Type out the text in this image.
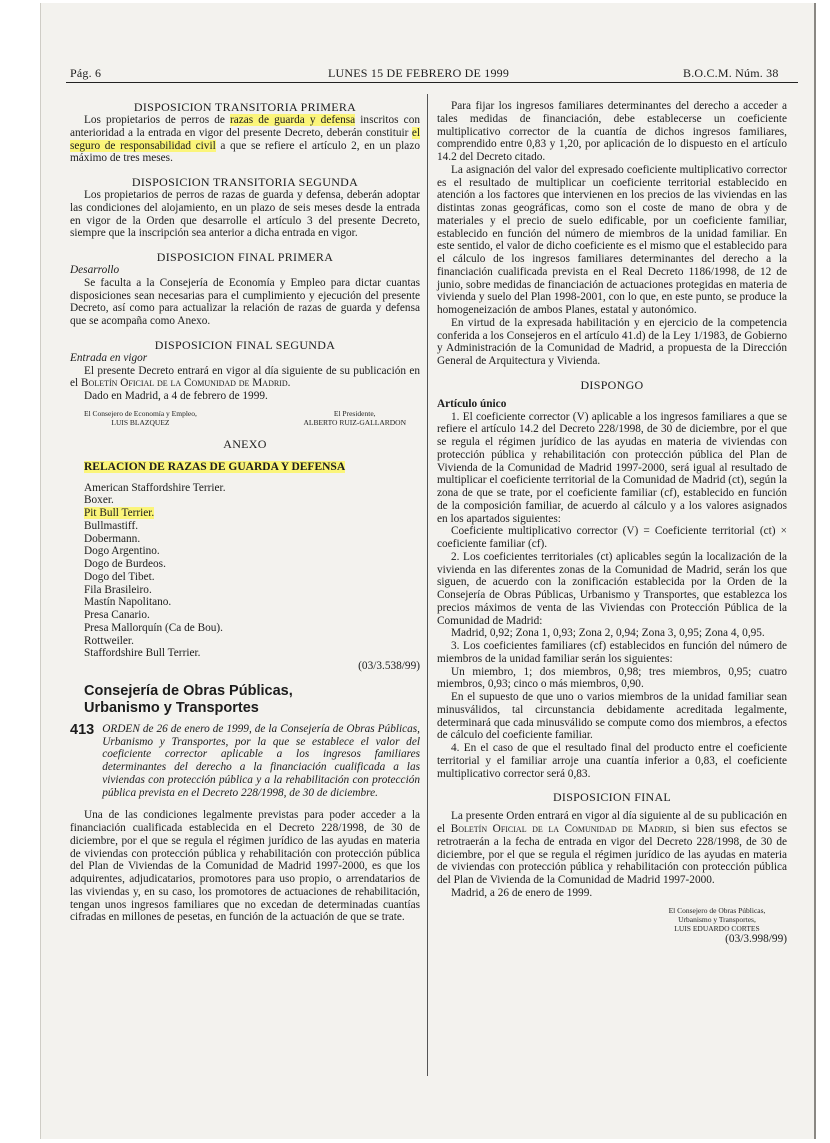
Pág. 6	LUNES 15 DE FEBRERO DE 1999	B.O.C.M. Núm. 38
DISPOSICION TRANSITORIA PRIMERA

Los propietarios de perros de razas de guarda y defensa inscritos con anterioridad a la entrada en vigor del presente Decreto, deberán constituir el seguro de responsabilidad civil a que se refiere el artículo 2, en un plazo máximo de tres meses.

DISPOSICION TRANSITORIA SEGUNDA

Los propietarios de perros de razas de guarda y defensa, deberán adoptar las condiciones del alojamiento, en un plazo de seis meses desde la entrada en vigor de la Orden que desarrolle el artículo 3 del presente Decreto, siempre que la inscripción sea anterior a dicha entrada en vigor.

DISPOSICION FINAL PRIMERA

Desarrollo

Se faculta a la Consejería de Economía y Empleo para dictar cuantas disposiciones sean necesarias para el cumplimiento y ejecución del presente Decreto, así como para actualizar la relación de razas de guarda y defensa que se acompaña como Anexo.

DISPOSICION FINAL SEGUNDA

Entrada en vigor

El presente Decreto entrará en vigor al día siguiente de su publicación en el Boletín Oficial de la Comunidad de Madrid.

Dado en Madrid, a 4 de febrero de 1999.

El Consejero de Economía y Empleo,
LUIS BLAZQUEZ
El Presidente,
ALBERTO RUIZ-GALLARDON
ANEXO

RELACION DE RAZAS DE GUARDA Y DEFENSA

American Staffordshire Terrier.
Boxer.
Pit Bull Terrier.
Bullmastiff.
Dobermann.
Dogo Argentino.
Dogo de Burdeos.
Dogo del Tibet.
Fila Brasileiro.
Mastín Napolitano.
Presa Canario.
Presa Mallorquín (Ca de Bou).
Rottweiler.
Staffordshire Bull Terrier.

(03/3.538/99)

Consejería de Obras Públicas,

Urbanismo y Transportes

413 ORDEN de 26 de enero de 1999, de la Consejería de Obras Públicas, Urbanismo y Transportes, por la que se establece el valor del coeficiente corrector aplicable a los ingresos familiares determinantes del derecho a la financiación cualificada a las viviendas con protección pública y a la rehabilitación con protección pública prevista en el Decreto 228/1998, de 30 de diciembre.

Una de las condiciones legalmente previstas para poder acceder a la financiación cualificada establecida en el Decreto 228/1998, de 30 de diciembre, por el que se regula el régimen jurídico de las ayudas en materia de viviendas con protección pública y rehabilitación con protección pública del Plan de Viviendas de la Comunidad de Madrid 1997-2000, es que los adquirentes, adjudicatarios, promotores para uso propio, o arrendatarios de las viviendas y, en su caso, los promotores de actuaciones de rehabilitación, tengan unos ingresos familiares que no excedan de determinadas cuantías cifradas en millones de pesetas, en función de la actuación de que se trate.

Para fijar los ingresos familiares determinantes del derecho a acceder a tales medidas de financiación, debe establecerse un coeficiente multiplicativo corrector de la cuantía de dichos ingresos familiares, comprendido entre 0,83 y 1,20, por aplicación de lo dispuesto en el artículo 14.2 del Decreto citado.

La asignación del valor del expresado coeficiente multiplicativo corrector es el resultado de multiplicar un coeficiente territorial establecido en atención a los factores que intervienen en los precios de las viviendas en las distintas zonas geográficas, como son el coste de mano de obra y de materiales y el precio de suelo edificable, por un coeficiente familiar, establecido en función del número de miembros de la unidad familiar. En este sentido, el valor de dicho coeficiente es el mismo que el establecido para el cálculo de los ingresos familiares determinantes del derecho a la financiación cualificada prevista en el Real Decreto 1186/1998, de 12 de junio, sobre medidas de financiación de actuaciones protegidas en materia de vivienda y suelo del Plan 1998-2001, con lo que, en este punto, se produce la homogeneización de ambos Planes, estatal y autonómico.

En virtud de la expresada habilitación y en ejercicio de la competencia conferida a los Consejeros en el artículo 41.d) de la Ley 1/1983, de Gobierno y Administración de la Comunidad de Madrid, a propuesta de la Dirección General de Arquitectura y Vivienda.

DISPONGO

Artículo único

1. El coeficiente corrector (V) aplicable a los ingresos familiares a que se refiere el artículo 14.2 del Decreto 228/1998, de 30 de diciembre, por el que se regula el régimen jurídico de las ayudas en materia de viviendas con protección pública y rehabilitación con protección pública del Plan de Vivienda de la Comunidad de Madrid 1997-2000, será igual al resultado de multiplicar el coeficiente territorial de la Comunidad de Madrid (ct), según la zona de que se trate, por el coeficiente familiar (cf), establecido en función de la composición familiar, de acuerdo al cálculo y a los valores asignados en los apartados siguientes:

Coeficiente multiplicativo corrector (V) = Coeficiente territorial (ct) × coeficiente familiar (cf).

2. Los coeficientes territoriales (ct) aplicables según la localización de la vivienda en las diferentes zonas de la Comunidad de Madrid, serán los que siguen, de acuerdo con la zonificación establecida por la Orden de la Consejería de Obras Públicas, Urbanismo y Transportes, que establezca los precios máximos de venta de las Viviendas con Protección Pública de la Comunidad de Madrid:

Madrid, 0,92; Zona 1, 0,93; Zona 2, 0,94; Zona 3, 0,95; Zona 4, 0,95.

3. Los coeficientes familiares (cf) establecidos en función del número de miembros de la unidad familiar serán los siguientes:

Un miembro, 1; dos miembros, 0,98; tres miembros, 0,95; cuatro miembros, 0,93; cinco o más miembros, 0,90.

En el supuesto de que uno o varios miembros de la unidad familiar sean minusválidos, tal circunstancia debidamente acreditada legalmente, determinará que cada minusválido se compute como dos miembros, a efectos de cálculo del coeficiente familiar.

4. En el caso de que el resultado final del producto entre el coeficiente territorial y el familiar arroje una cuantía inferior a 0,83, el coeficiente multiplicativo corrector será 0,83.

DISPOSICION FINAL

La presente Orden entrará en vigor al día siguiente al de su publicación en el Boletín Oficial de la Comunidad de Madrid, si bien sus efectos se retrotraerán a la fecha de entrada en vigor del Decreto 228/1998, de 30 de diciembre, por el que se regula el régimen jurídico de las ayudas en materia de viviendas con protección pública y rehabilitación con protección pública del Plan de Vivienda de la Comunidad de Madrid 1997-2000.

Madrid, a 26 de enero de 1999.

El Consejero de Obras Públicas,
Urbanismo y Transportes,
LUIS EDUARDO CORTES

(03/3.998/99)
